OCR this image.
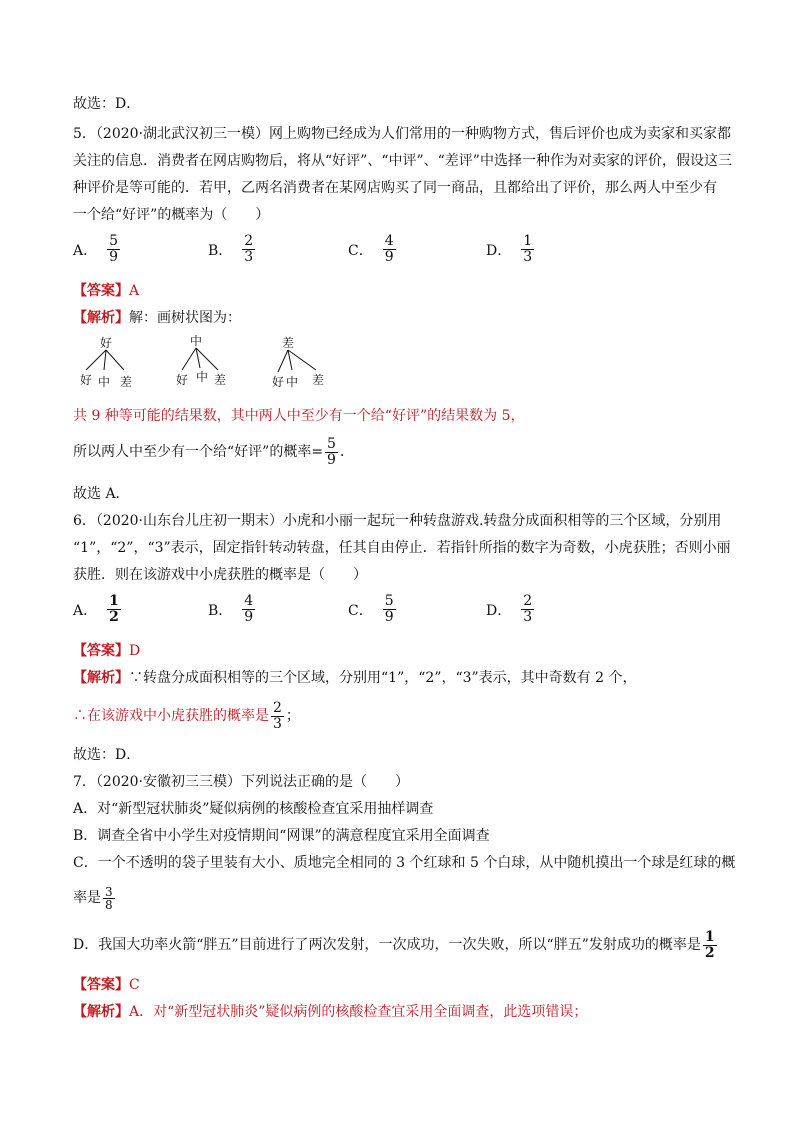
故选：D．
5．（2020·湖北武汉初三一模）网上购物已经成为人们常用的一种购物方式，售后评价也成为卖家和买家都
关注的信息．消费者在网店购物后，将从“好评”、“中评”、“差评”中选择一种作为对卖家的评价，假设这三
种评价是等可能的．若甲，乙两名消费者在某网店购买了同一商品，且都给出了评价，那么两人中至少有
一个给“好评”的概率为（　　）
A． $\frac{5}{9}$	B． $\frac{2}{3}$	C． $\frac{4}{9}$	D． $\frac{1}{3}$
【答案】A
【解析】解：画树状图为：
好
好 中 差
中
好 中 差
差
好 中 差
共 9 种等可能的结果数，其中两人中至少有一个给“好评”的结果数为 5，
所以两人中至少有一个给“好评”的概率= $\frac{5}{9}$ ．
故选 A．
6．（2020·山东台儿庄初一期末）小虎和小丽一起玩一种转盘游戏.转盘分成面积相等的三个区域，分别用
“1”，“2”，“3”表示，固定指针转动转盘，任其自由停止．若指针所指的数字为奇数，小虎获胜；否则小丽
获胜．则在该游戏中小虎获胜的概率是（　　）
A． $\frac{1}{2}$	B． $\frac{4}{9}$	C． $\frac{5}{9}$	D． $\frac{2}{3}$
【答案】D
【解析】∵转盘分成面积相等的三个区域，分别用“1”，“2”，“3”表示，其中奇数有 2 个，
∴在该游戏中小虎获胜的概率是 $\frac{2}{3}$ ；
故选：D．
7．（2020·安徽初三三模）下列说法正确的是（　　）
A．对“新型冠状肺炎”疑似病例的核酸检查宜采用抽样调查
B．调查全省中小学生对疫情期间“网课”的满意程度宜采用全面调查
C．一个不透明的袋子里装有大小、质地完全相同的 3 个红球和 5 个白球，从中随机摸出一个球是红球的概
率是 $\frac{3}{8}$
D．我国大功率火箭“胖五”目前进行了两次发射，一次成功，一次失败，所以“胖五”发射成功的概率是 $\frac{1}{2}$
【答案】C
【解析】A．对“新型冠状肺炎”疑似病例的核酸检查宜采用全面调查，此选项错误；
